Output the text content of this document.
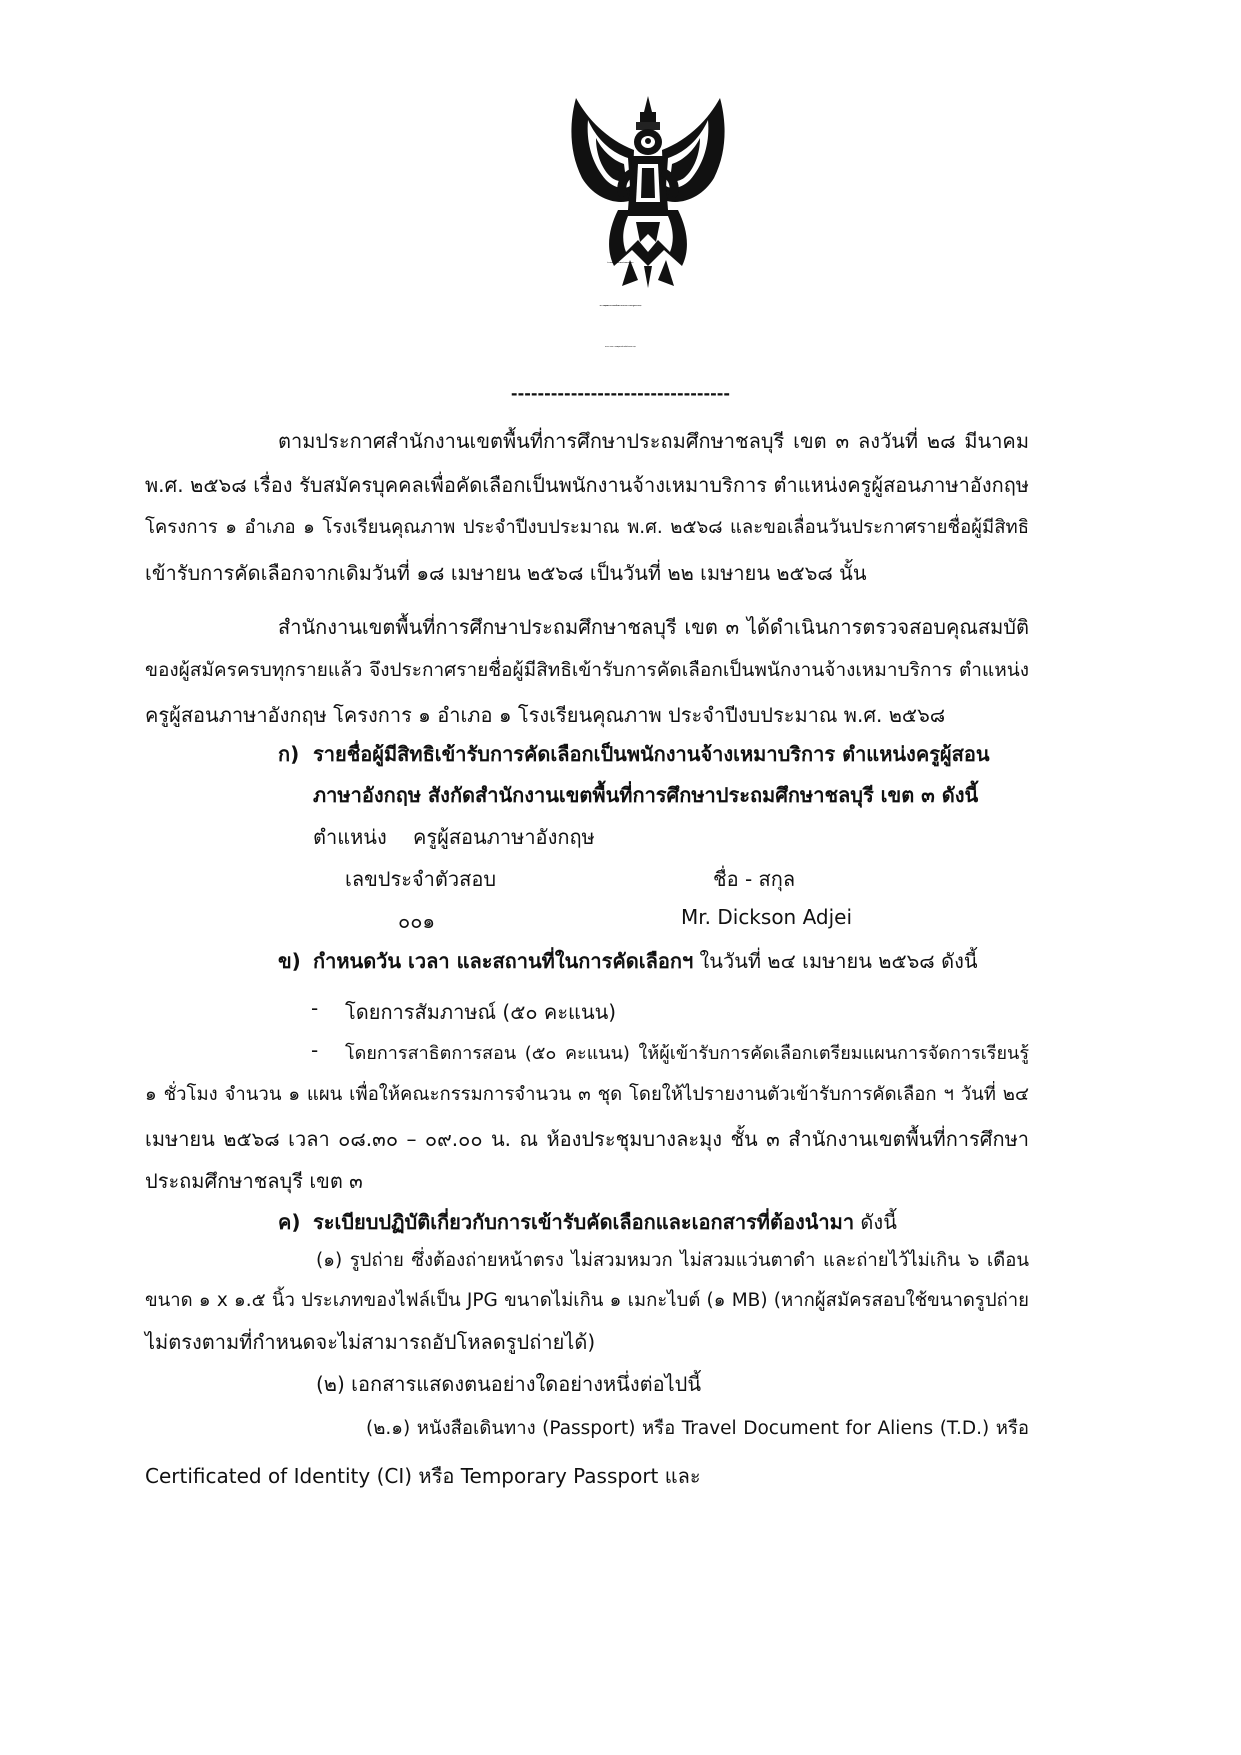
ประกาศสำนักงานเขตพื้นที่การศึกษาประถมศึกษาชลบุรี เขต ๓
เรื่อง รายชื่อผู้มีสิทธิเข้ารับการคัดเลือกเป็นพนักงานจ้างเหมาบริการ ตำแหน่งครูผู้สอนภาษาอังกฤษ
โครงการ ๑ อำเภอ ๑ โรงเรียนคุณภาพ ประจำปีงบประมาณ พ.ศ. ๒๕๖๘
---------------------------------
ตามประกาศสำนักงานเขตพื้นที่การศึกษาประถมศึกษาชลบุรี เขต ๓ ลงวันที่ ๒๘ มีนาคม
พ.ศ. ๒๕๖๘ เรื่อง รับสมัครบุคคลเพื่อคัดเลือกเป็นพนักงานจ้างเหมาบริการ ตำแหน่งครูผู้สอนภาษาอังกฤษ
โครงการ ๑ อำเภอ ๑ โรงเรียนคุณภาพ ประจำปีงบประมาณ พ.ศ. ๒๕๖๘ และขอเลื่อนวันประกาศรายชื่อผู้มีสิทธิ
เข้ารับการคัดเลือกจากเดิมวันที่ ๑๘ เมษายน ๒๕๖๘ เป็นวันที่ ๒๒ เมษายน ๒๕๖๘ นั้น
สำนักงานเขตพื้นที่การศึกษาประถมศึกษาชลบุรี เขต ๓ ได้ดำเนินการตรวจสอบคุณสมบัติ
ของผู้สมัครครบทุกรายแล้ว จึงประกาศรายชื่อผู้มีสิทธิเข้ารับการคัดเลือกเป็นพนักงานจ้างเหมาบริการ ตำแหน่ง
ครูผู้สอนภาษาอังกฤษ โครงการ ๑ อำเภอ ๑ โรงเรียนคุณภาพ ประจำปีงบประมาณ พ.ศ. ๒๕๖๘
ก) รายชื่อผู้มีสิทธิเข้ารับการคัดเลือกเป็นพนักงานจ้างเหมาบริการ ตำแหน่งครูผู้สอน
ภาษาอังกฤษ สังกัดสำนักงานเขตพื้นที่การศึกษาประถมศึกษาชลบุรี เขต ๓ ดังนี้
ตำแหน่ง ครูผู้สอนภาษาอังกฤษ
เลขประจำตัวสอบ	ชื่อ - สกุล
๐๐๑	Mr. Dickson Adjei
ข) กำหนดวัน เวลา และสถานที่ในการคัดเลือกฯ ในวันที่ ๒๔ เมษายน ๒๕๖๘ ดังนี้
- โดยการสัมภาษณ์ (๕๐ คะแนน)
- โดยการสาธิตการสอน (๕๐ คะแนน) ให้ผู้เข้ารับการคัดเลือกเตรียมแผนการจัดการเรียนรู้
๑ ชั่วโมง จำนวน ๑ แผน เพื่อให้คณะกรรมการจำนวน ๓ ชุด โดยให้ไปรายงานตัวเข้ารับการคัดเลือก ฯ วันที่ ๒๔
เมษายน ๒๕๖๘ เวลา ๐๘.๓๐ – ๐๙.๐๐ น. ณ ห้องประชุมบางละมุง ชั้น ๓ สำนักงานเขตพื้นที่การศึกษา
ประถมศึกษาชลบุรี เขต ๓
ค) ระเบียบปฏิบัติเกี่ยวกับการเข้ารับคัดเลือกและเอกสารที่ต้องนำมา ดังนี้
(๑) รูปถ่าย ซึ่งต้องถ่ายหน้าตรง ไม่สวมหมวก ไม่สวมแว่นตาดำ และถ่ายไว้ไม่เกิน ๖ เดือน
ขนาด ๑ x ๑.๕ นิ้ว ประเภทของไฟล์เป็น JPG ขนาดไม่เกิน ๑ เมกะไบต์ (๑ MB) (หากผู้สมัครสอบใช้ขนาดรูปถ่าย
ไม่ตรงตามที่กำหนดจะไม่สามารถอัปโหลดรูปถ่ายได้)
(๒) เอกสารแสดงตนอย่างใดอย่างหนึ่งต่อไปนี้
(๒.๑) หนังสือเดินทาง (Passport) หรือ Travel Document for Aliens (T.D.) หรือ
Certificated of Identity (CI) หรือ Temporary Passport และ
